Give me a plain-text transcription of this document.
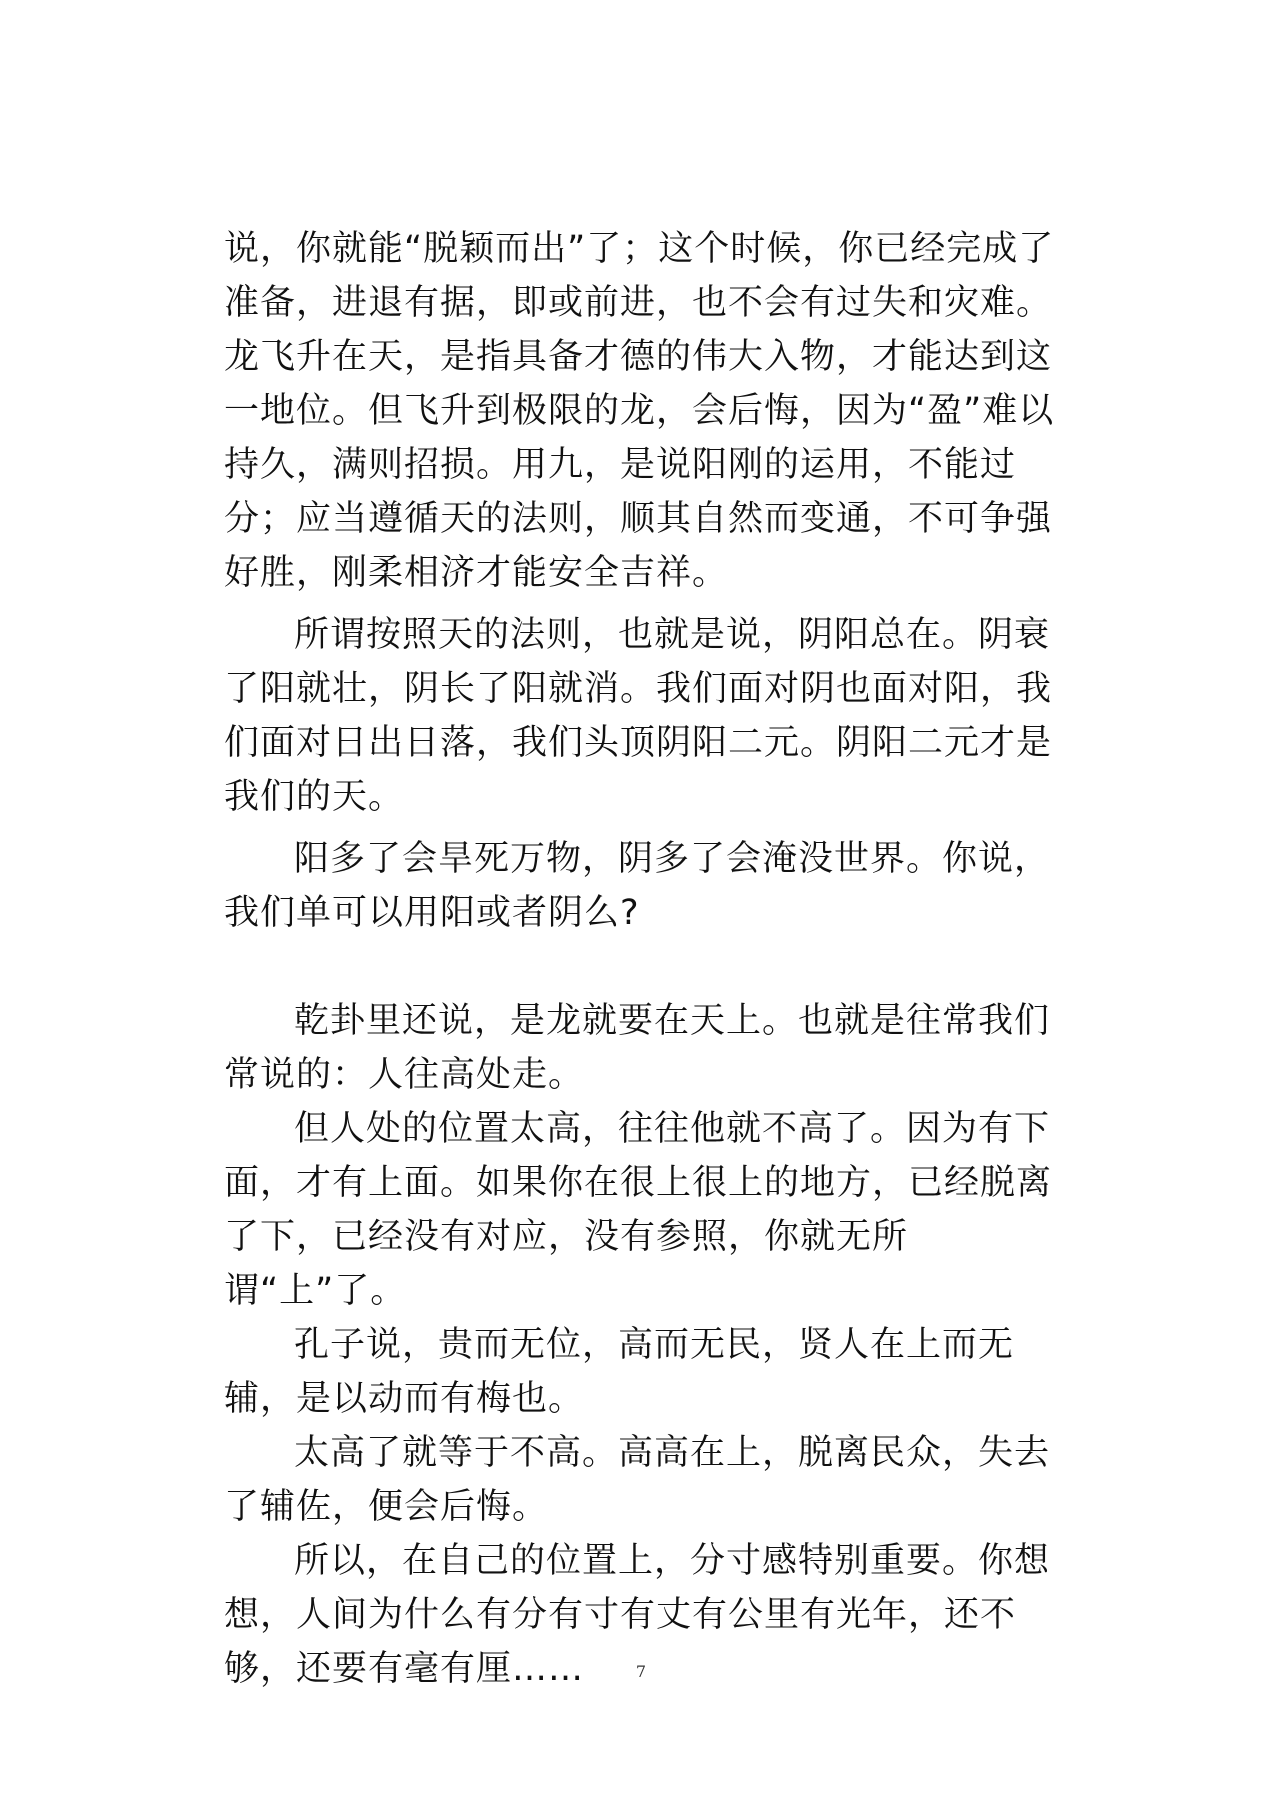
说，你就能“脱颖而出”了；这个时候，你已经完成了准备，进退有据，即或前进，也不会有过失和灾难。龙飞升在天，是指具备才德的伟大入物，才能达到这一地位。但飞升到极限的龙，会后悔，因为“盈”难以持久，满则招损。用九，是说阳刚的运用，不能过分；应当遵循天的法则，顺其自然而变通，不可争强好胜，刚柔相济才能安全吉祥。

所谓按照天的法则，也就是说，阴阳总在。阴衰了阳就壮，阴长了阳就消。我们面对阴也面对阳，我们面对日出日落，我们头顶阴阳二元。阴阳二元才是我们的天。

阳多了会旱死万物，阴多了会淹没世界。你说，我们单可以用阳或者阴么?

乾卦里还说，是龙就要在天上。也就是往常我们常说的：人往高处走。

但人处的位置太高，往往他就不高了。因为有下面，才有上面。如果你在很上很上的地方，已经脱离了下，已经没有对应，没有参照，你就无所谓“上”了。

孔子说，贵而无位，高而无民，贤人在上而无辅，是以动而有梅也。

太高了就等于不高。高高在上，脱离民众，失去了辅佐，便会后悔。

所以，在自己的位置上，分寸感特别重要。你想想，人间为什么有分有寸有丈有公里有光年，还不够，还要有毫有厘……	7
